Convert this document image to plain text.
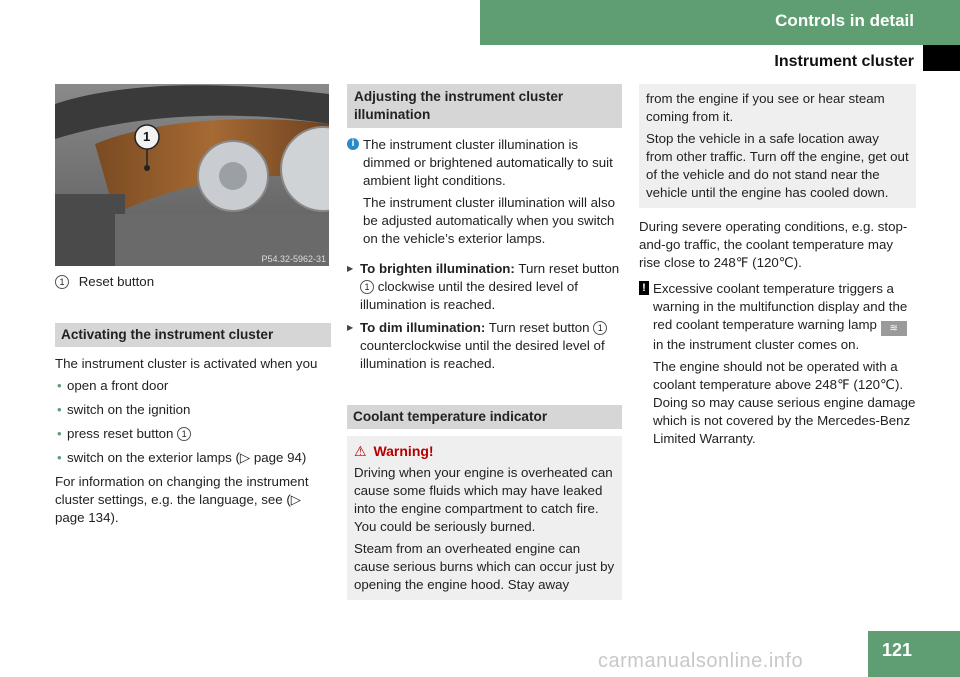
Controls in detail
Instrument cluster
1
P54.32-5962-31

1 Reset button

Activating the instrument cluster

The instrument cluster is activated when you

• open a front door
• switch on the ignition
• press reset button 1
• switch on the exterior lamps (▷ page 94)

For information on changing the instrument cluster settings, e.g. the language, see (▷ page 134).

Adjusting the instrument cluster illumination
i The instrument cluster illumination is dimmed or brightened automatically to suit ambient light conditions.

The instrument cluster illumination will also be adjusted automatically when you switch on the vehicle’s exterior lamps.

▶ To brighten illumination: Turn reset button 1 clockwise until the desired level of illumination is reached.
▶ To dim illumination: Turn reset button 1 counterclockwise until the desired level of illumination is reached.
Coolant temperature indicator
⚠ Warning!

Driving when your engine is overheated can cause some fluids which may have leaked into the engine compartment to catch fire. You could be seriously burned.

Steam from an overheated engine can cause serious burns which can occur just by opening the engine hood. Stay away

from the engine if you see or hear steam coming from it.

Stop the vehicle in a safe location away from other traffic. Turn off the engine, get out of the vehicle and do not stand near the vehicle until the engine has cooled down.

During severe operating conditions, e.g. stop-and-go traffic, the coolant temperature may rise close to 248℉ (120℃).

! Excessive coolant temperature triggers a warning in the multifunction display and the red coolant temperature warning lamp ≋ in the instrument cluster comes on.

The engine should not be operated with a coolant temperature above 248℉ (120℃). Doing so may cause serious engine damage which is not covered by the Mercedes-Benz Limited Warranty.

121
carmanualsonline.info
